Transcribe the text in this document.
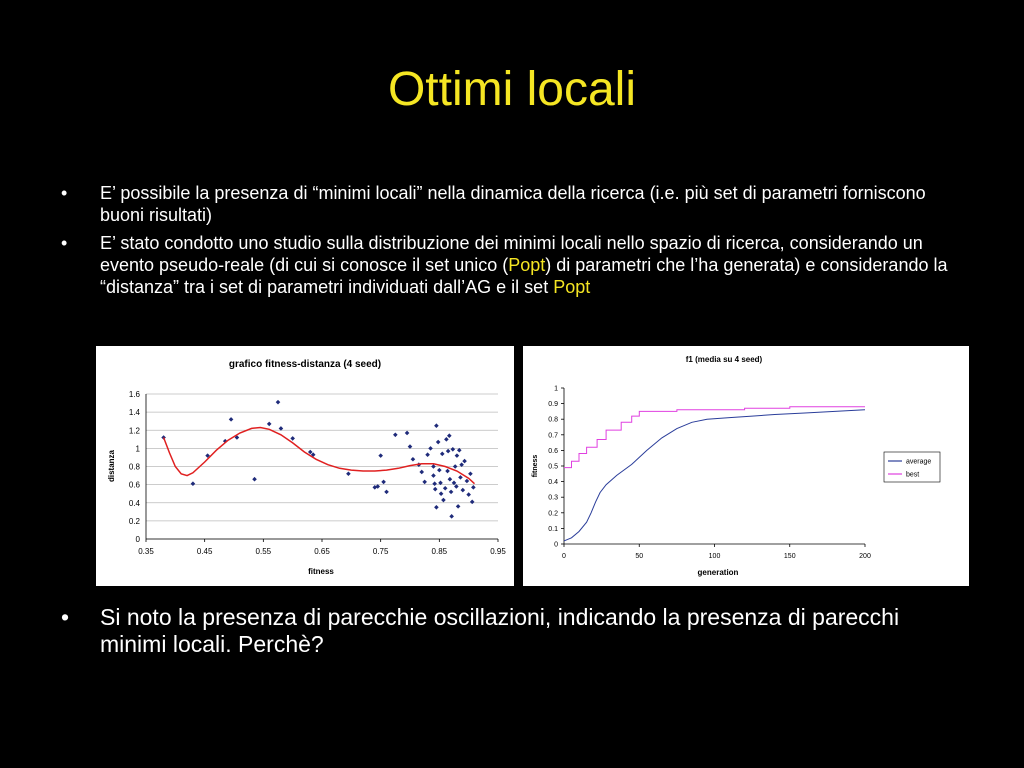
Ottimi locali
• E’ possibile la presenza di “minimi locali” nella dinamica della ricerca (i.e. più set di parametri forniscono buoni risultati)
• E’ stato condotto uno studio sulla distribuzione dei minimi locali nello spazio di ricerca, considerando un evento pseudo-reale (di cui si conosce il set unico (Popt) di parametri che l’ha generata) e considerando la “distanza” tra i set di parametri individuati dall’AG e il set Popt
grafico fitness-distanza (4 seed)
fitness
distanza
0
0.2
0.4
0.6
0.8
1
1.2
1.4
1.6
0.35	0.45	0.55	0.65	0.75	0.85	0.95
f1 (media su 4 seed)
generation
fitness
0
0.1
0.2
0.3
0.4
0.5
0.6
0.7
0.8
0.9
1
0	50	100	150	200
average
best
• Si noto la presenza di parecchie oscillazioni, indicando la presenza di parecchi minimi locali. Perchè?
